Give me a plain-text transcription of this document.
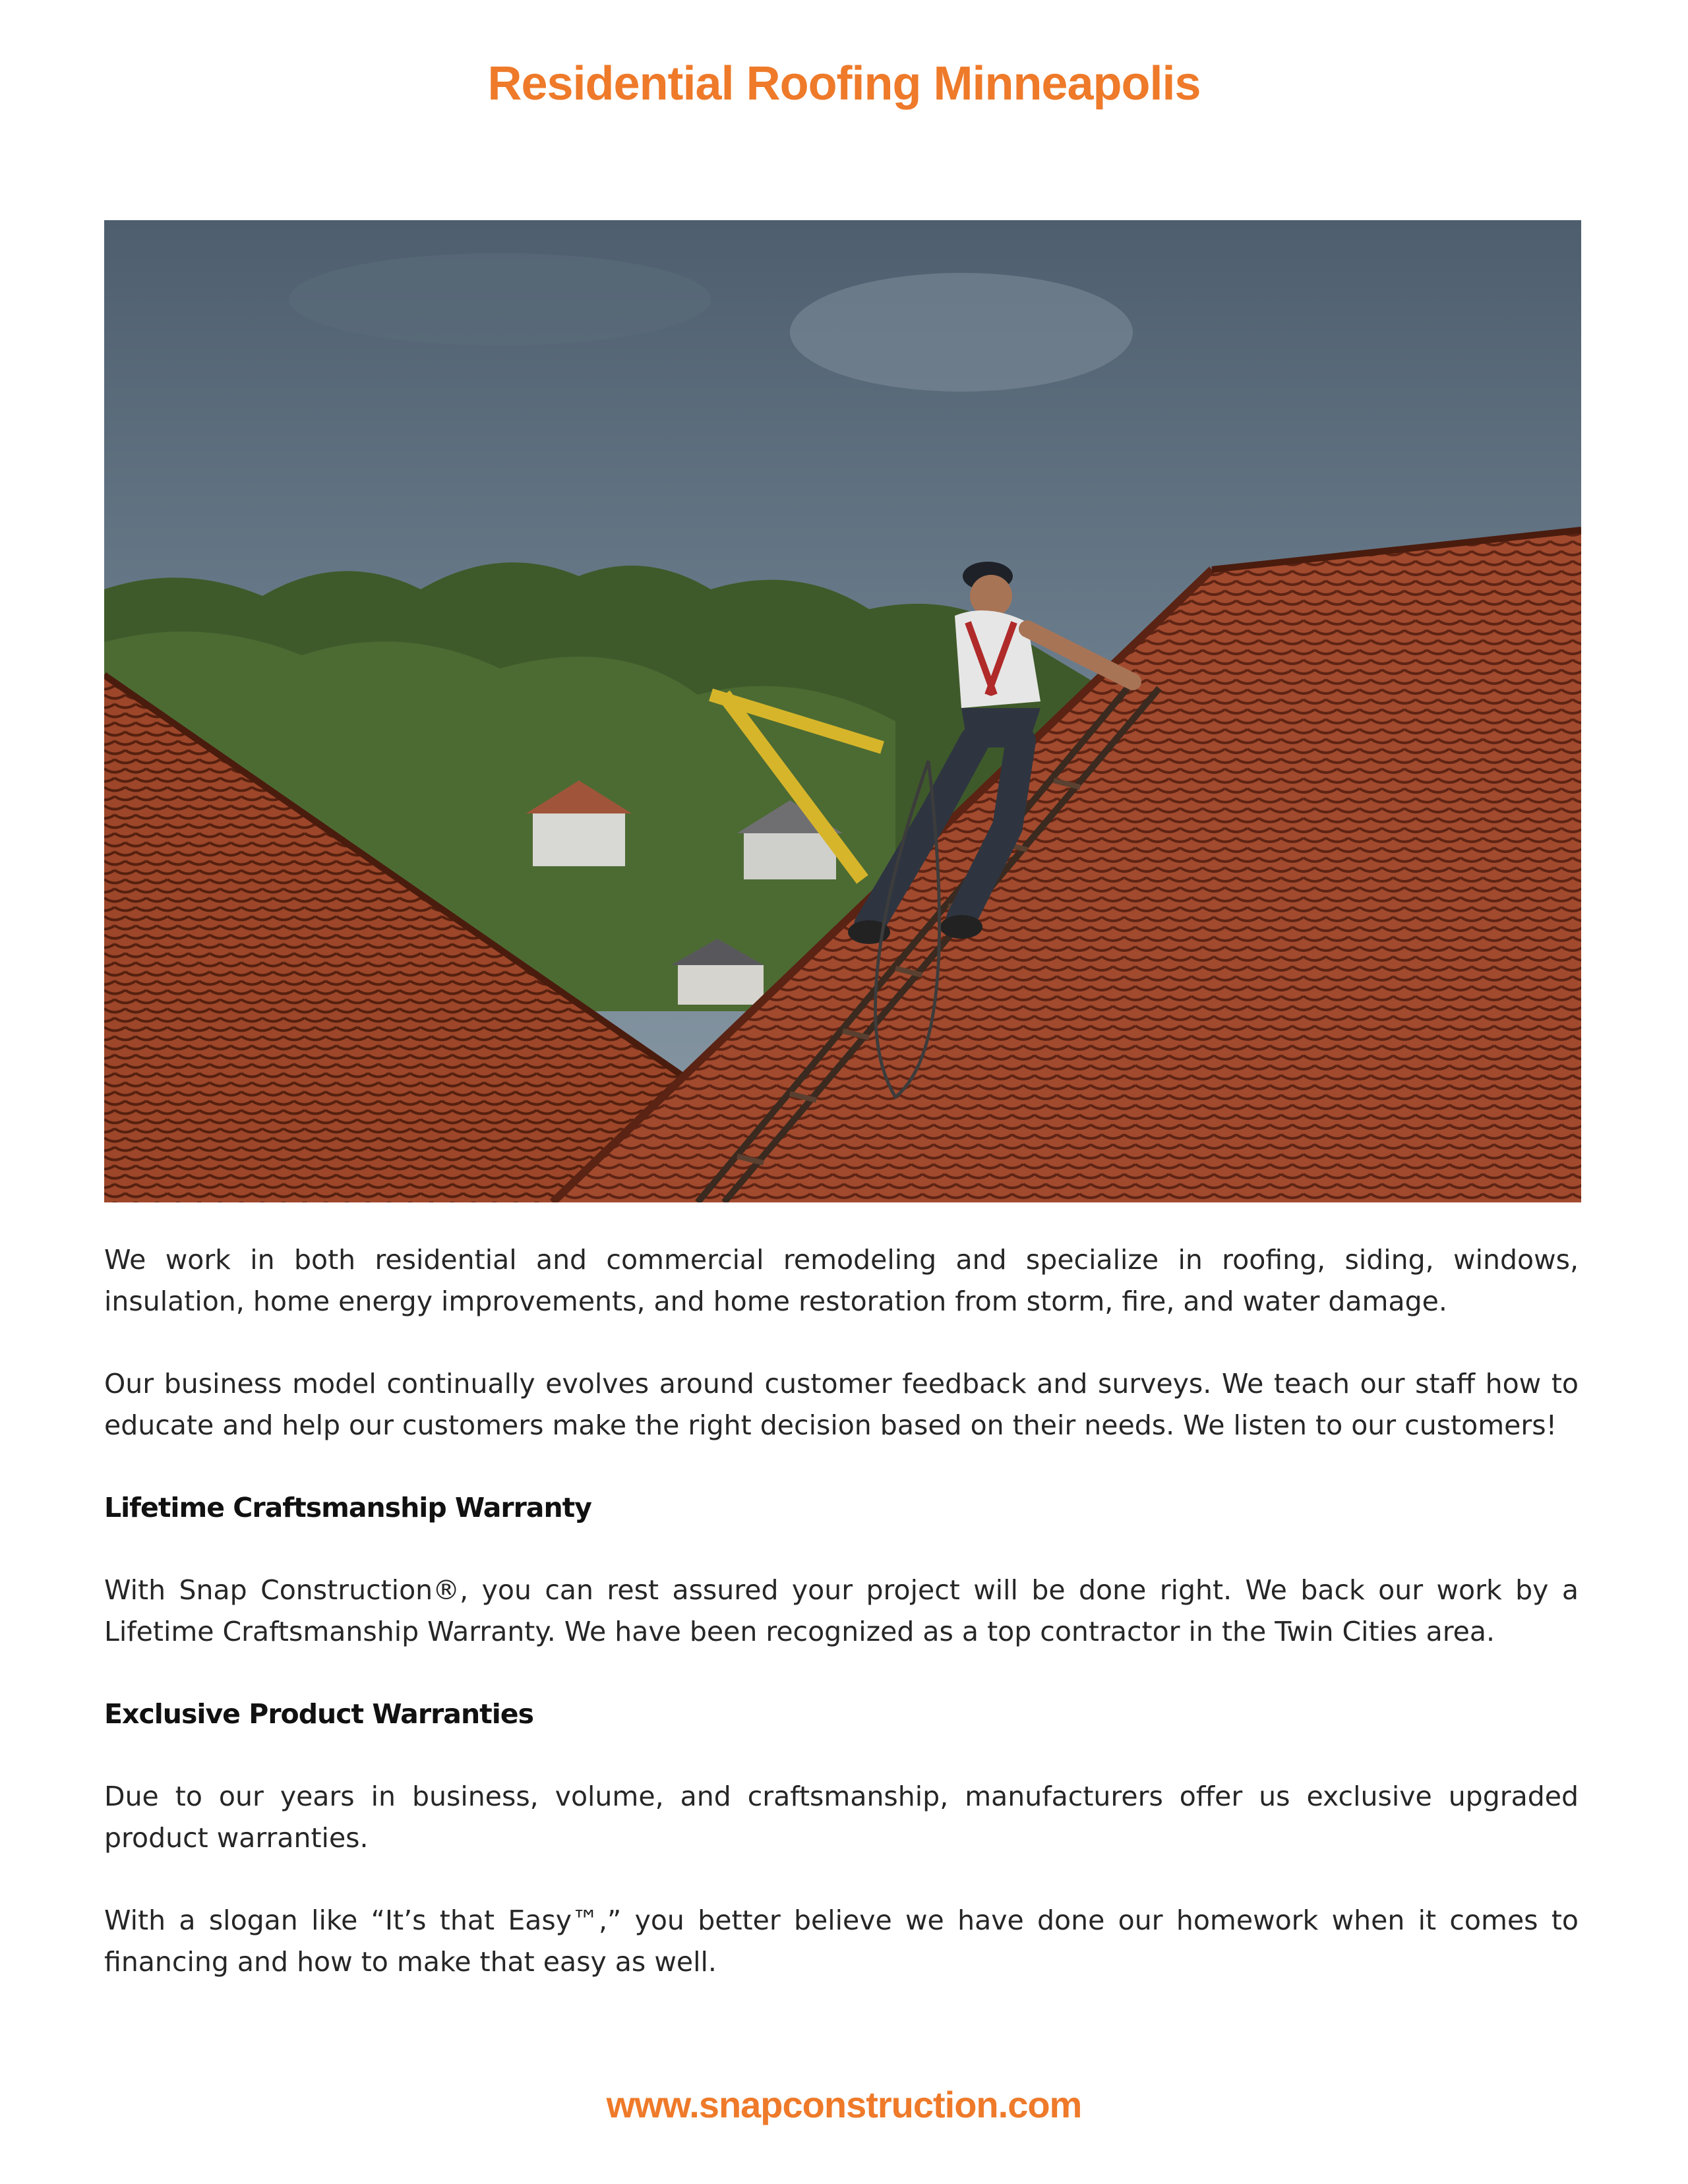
Residential Roofing Minneapolis

We work in both residential and commercial remodeling and specialize in roofing, siding, windows, insulation, home energy improvements, and home restoration from storm, fire, and water damage.

Our business model continually evolves around customer feedback and surveys. We teach our staff how to educate and help our customers make the right decision based on their needs. We listen to our customers!

Lifetime Craftsmanship Warranty

With Snap Construction®, you can rest assured your project will be done right. We back our work by a Lifetime Craftsmanship Warranty. We have been recognized as a top contractor in the Twin Cities area.

Exclusive Product Warranties

Due to our years in business, volume, and craftsmanship, manufacturers offer us exclusive upgraded product warranties.

With a slogan like “It’s that Easy™,” you better believe we have done our homework when it comes to financing and how to make that easy as well.

www.snapconstruction.com
